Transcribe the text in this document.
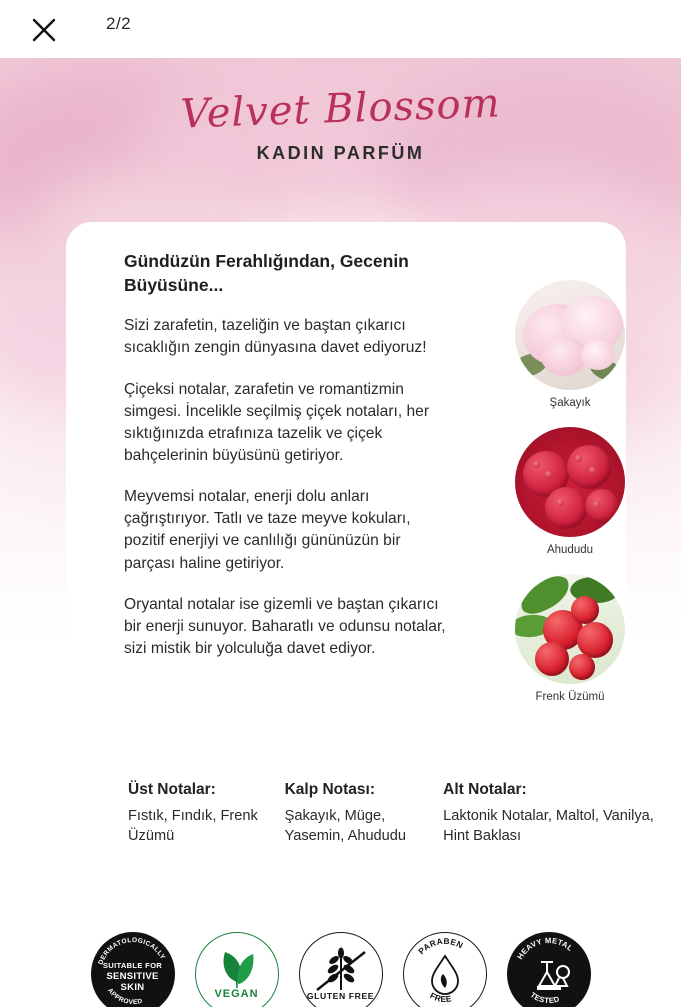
2/2
Velvet Blossom
KADIN PARFÜM
Gündüzün Ferahlığından, Gecenin Büyüsüne...

Sizi zarafetin, tazeliğin ve baştan çıkarıcı sıcaklığın zengin dünyasına davet ediyoruz!

Çiçeksi notalar, zarafetin ve romantizmin simgesi. İncelikle seçilmiş çiçek notaları, her sıktığınızda etrafınıza tazelik ve çiçek bahçelerinin büyüsünü getiriyor.

Meyvemsi notalar, enerji dolu anları çağrıştırıyor. Tatlı ve taze meyve kokuları, pozitif enerjiyi ve canlılığı gününüzün bir parçası haline getiriyor.

Oryantal notalar ise gizemli ve baştan çıkarıcı bir enerji sunuyor. Baharatlı ve odunsu notalar, sizi mistik bir yolculuğa davet ediyor.

Şakayık
Ahududu
Frenk Üzümü
Üst Notalar:
Fıstık, Fındık, Frenk Üzümü
Kalp Notası:
Şakayık, Müge, Yasemin, Ahududu
Alt Notalar:
Laktonik Notalar, Maltol, Vanilya, Hint Baklası
DERMATOLOGICALLY
APPROVED
SUITABLE FOR
SENSITIVE
SKIN
VEGAN	GLUTEN FREE
PARABEN
FREE
HEAVY METAL
TESTED
